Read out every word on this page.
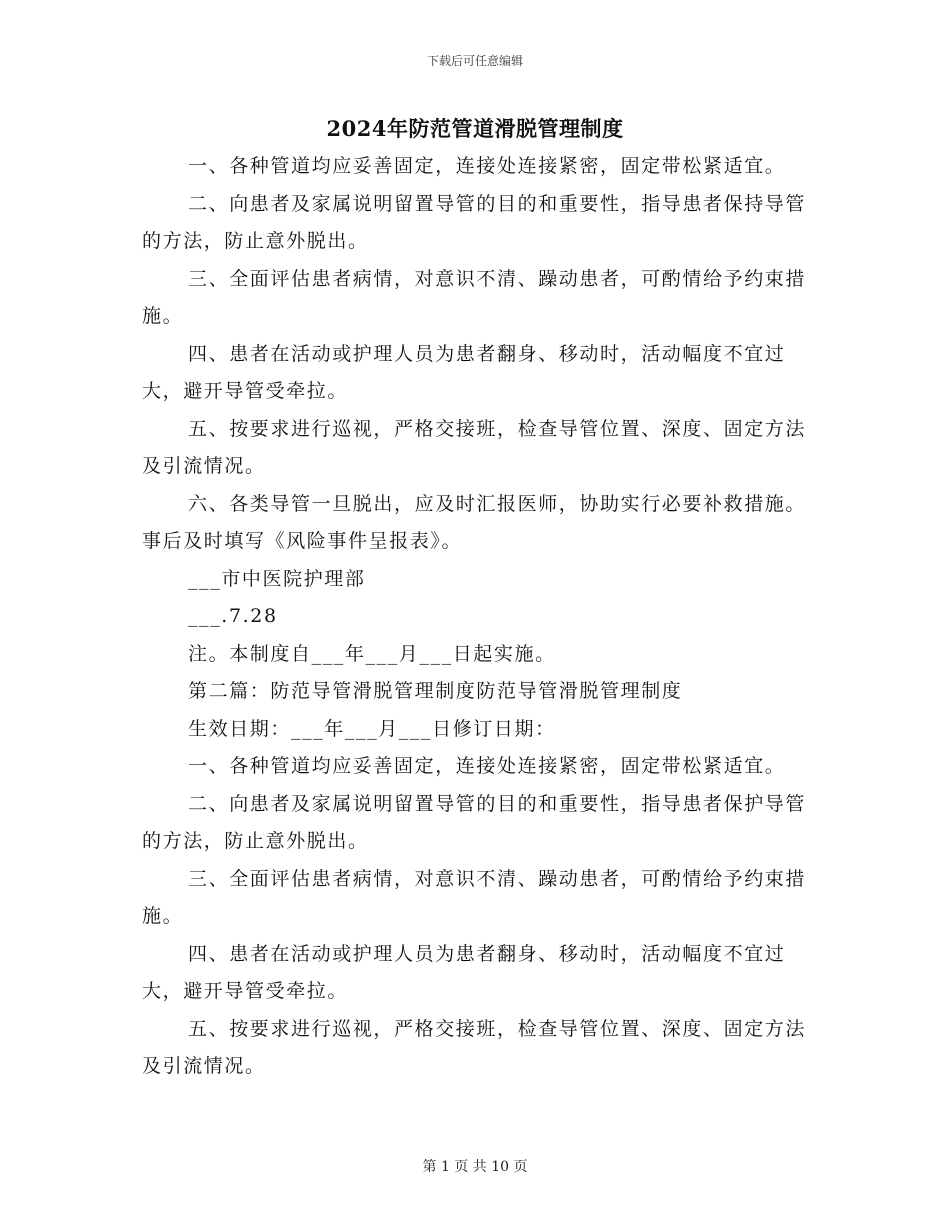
下载后可任意编辑
2024年防范管道滑脱管理制度

一、各种管道均应妥善固定，连接处连接紧密，固定带松紧适宜。

二、向患者及家属说明留置导管的目的和重要性，指导患者保持导管的方法，防止意外脱出。

三、全面评估患者病情，对意识不清、躁动患者，可酌情给予约束措施。

四、患者在活动或护理人员为患者翻身、移动时，活动幅度不宜过大，避开导管受牵拉。

五、按要求进行巡视，严格交接班，检查导管位置、深度、固定方法及引流情况。

六、各类导管一旦脱出，应及时汇报医师，协助实行必要补救措施。事后及时填写《风险事件呈报表》。

___市中医院护理部

___.7.28

注。本制度自___年___月___日起实施。

第二篇：防范导管滑脱管理制度防范导管滑脱管理制度

生效日期：___年___月___日修订日期：

一、各种管道均应妥善固定，连接处连接紧密，固定带松紧适宜。

二、向患者及家属说明留置导管的目的和重要性，指导患者保护导管的方法，防止意外脱出。

三、全面评估患者病情，对意识不清、躁动患者，可酌情给予约束措施。

四、患者在活动或护理人员为患者翻身、移动时，活动幅度不宜过大，避开导管受牵拉。

五、按要求进行巡视，严格交接班，检查导管位置、深度、固定方法及引流情况。

第 1 页 共 10 页
